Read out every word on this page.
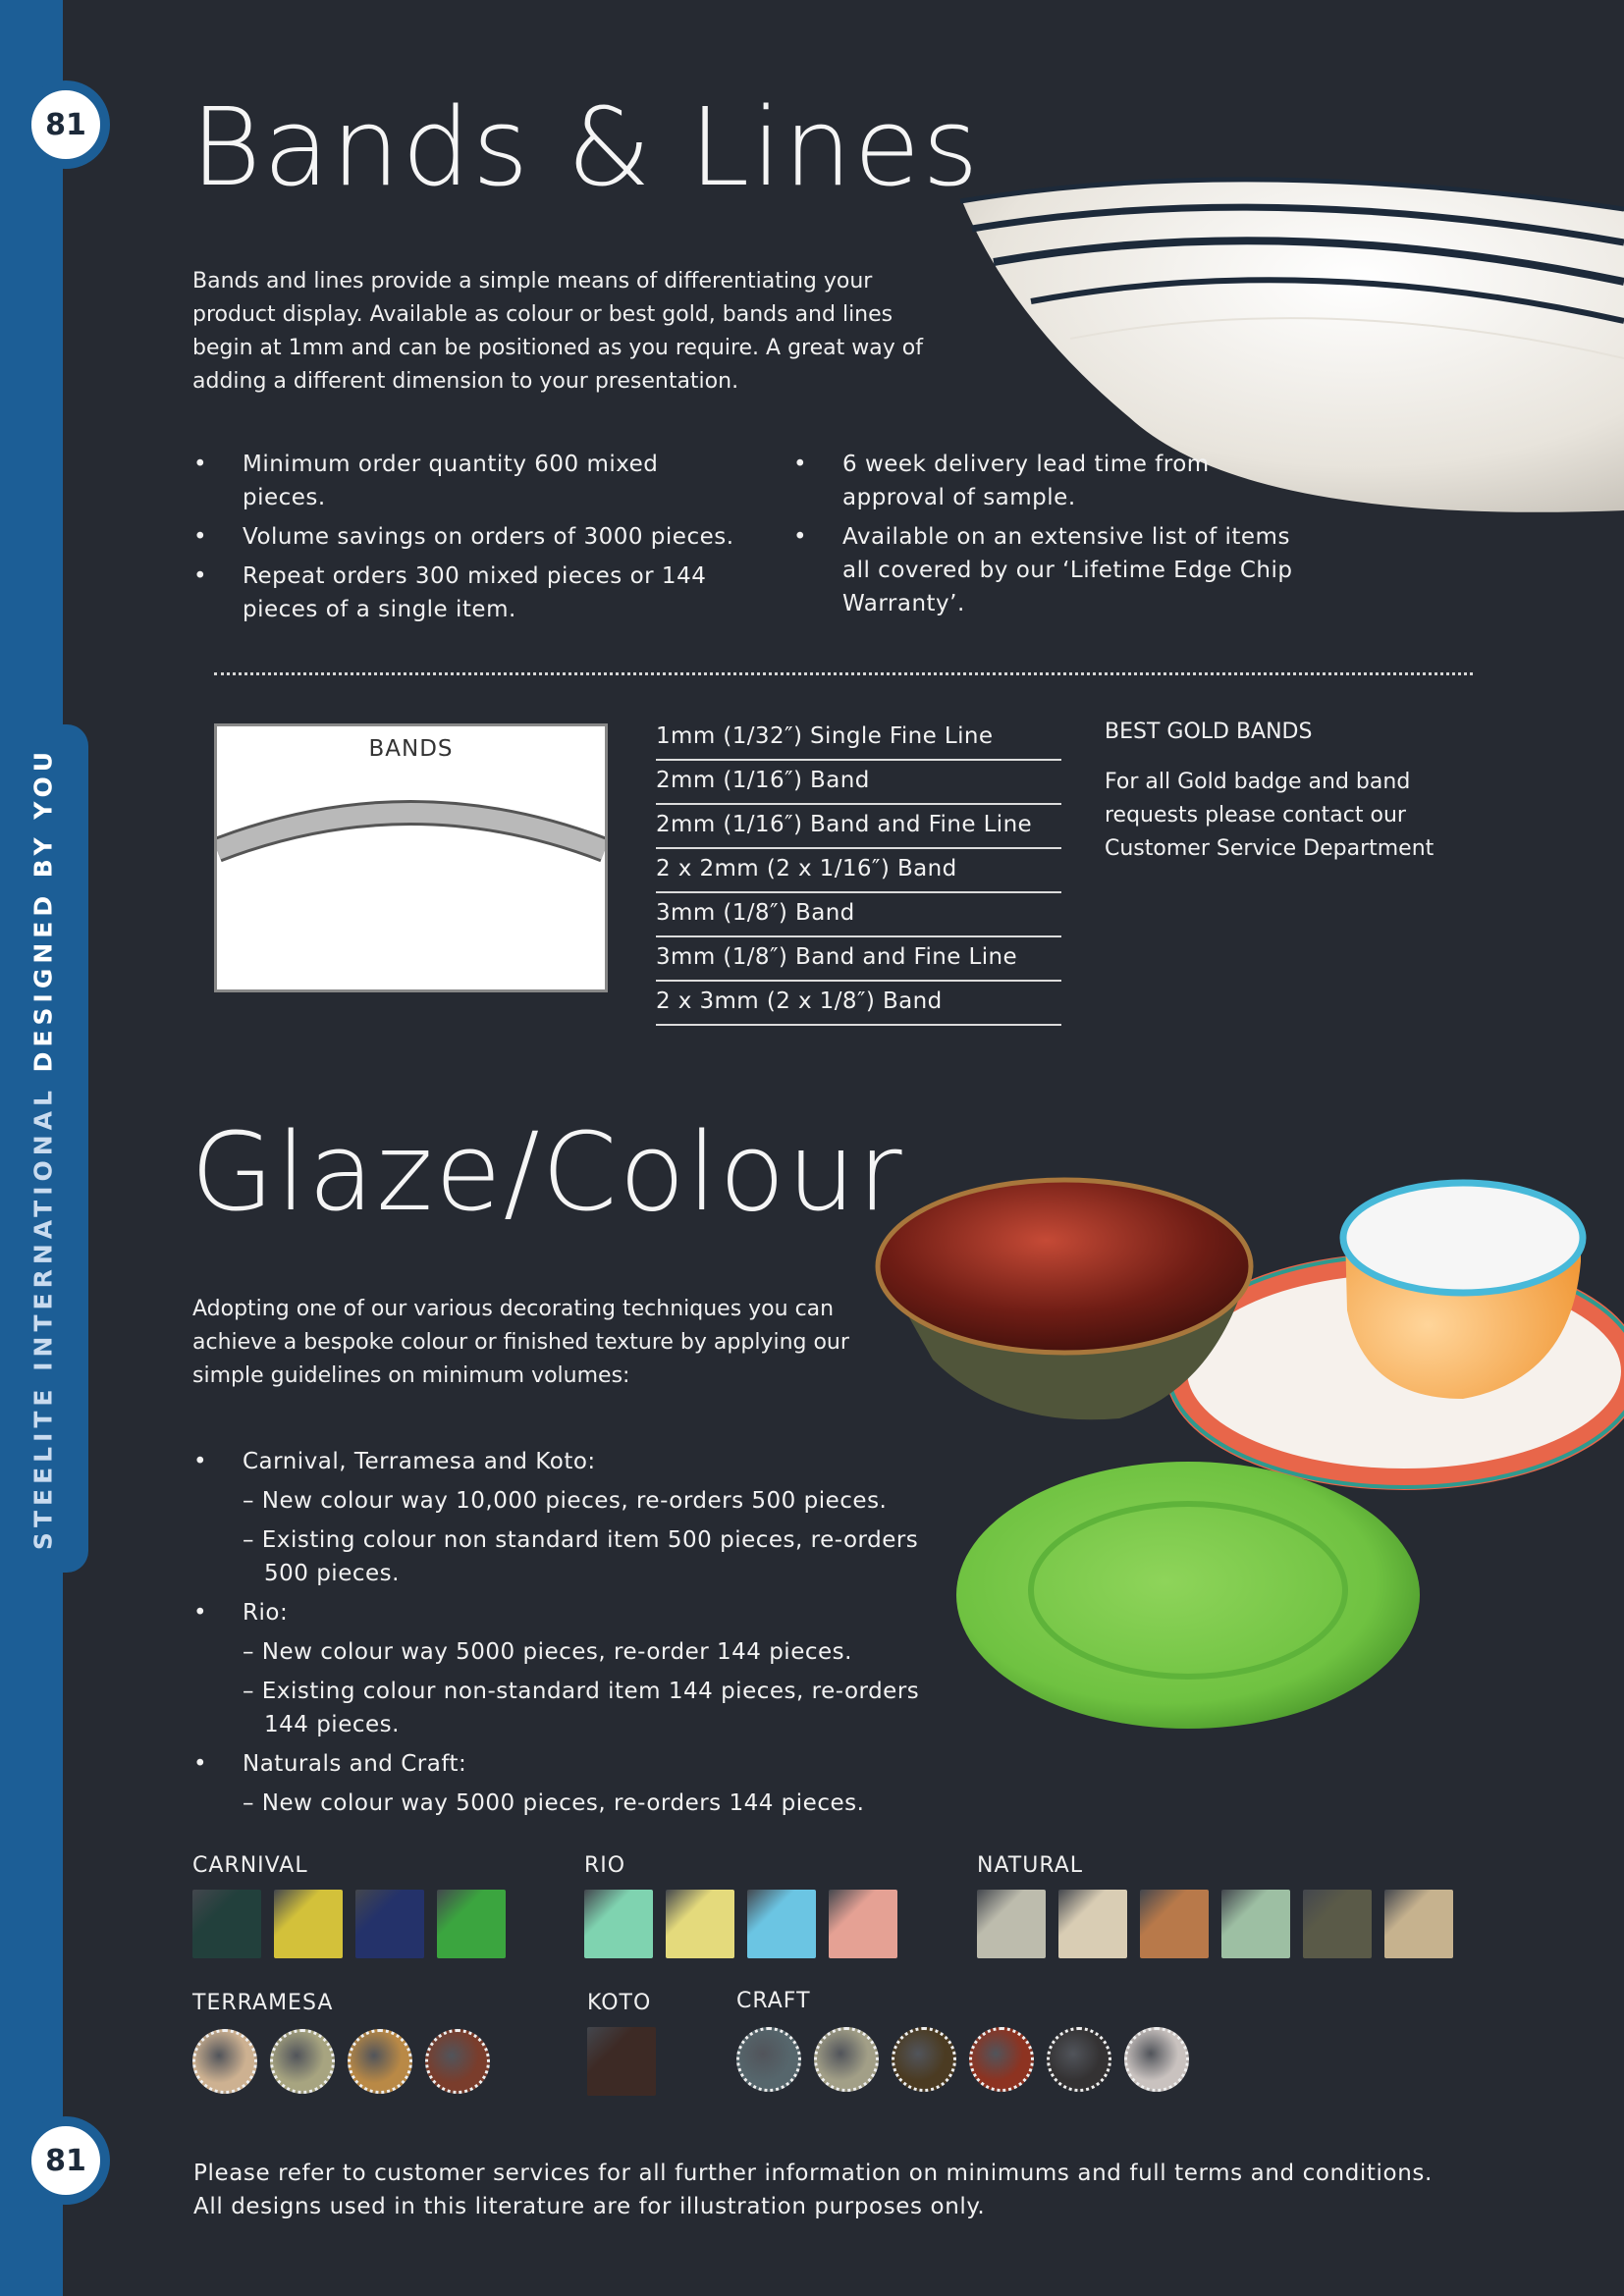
STEELITE INTERNATIONAL DESIGNED BY YOU
81
81
Bands & Lines
Bands and lines provide a simple means of differentiating your product display. Available as colour or best gold, bands and lines begin at 1mm and can be positioned as you require. A great way of adding a different dimension to your presentation.
• Minimum order quantity 600 mixed pieces.
• Volume savings on orders of 3000 pieces.
• Repeat orders 300 mixed pieces or 144 pieces of a single item.
• 6 week delivery lead time from approval of sample.
• Available on an extensive list of items all covered by our ‘Lifetime Edge Chip Warranty’.
BANDS	1mm (1/32″) Single Fine Line
2mm (1/16″) Band
2mm (1/16″) Band and Fine Line
2 x 2mm (2 x 1/16″) Band
3mm (1/8″) Band
3mm (1/8″) Band and Fine Line
2 x 3mm (2 x 1/8″) Band
BEST GOLD BANDS
For all Gold badge and band requests please contact our Customer Service Department
Glaze/Colour
Adopting one of our various decorating techniques you can achieve a bespoke colour or finished texture by applying our simple guidelines on minimum volumes:
• Carnival, Terramesa and Koto:
– New colour way 10,000 pieces, re-orders 500 pieces.
– Existing colour non standard item 500 pieces, re-orders 500 pieces.
• Rio:
– New colour way 5000 pieces, re-order 144 pieces.
– Existing colour non-standard item 144 pieces, re-orders 144 pieces.
• Naturals and Craft:
– New colour way 5000 pieces, re-orders 144 pieces.
CARNIVAL	RIO	NATURAL
TERRAMESA	KOTO	CRAFT
Please refer to customer services for all further information on minimums and full terms and conditions.
All designs used in this literature are for illustration purposes only.
